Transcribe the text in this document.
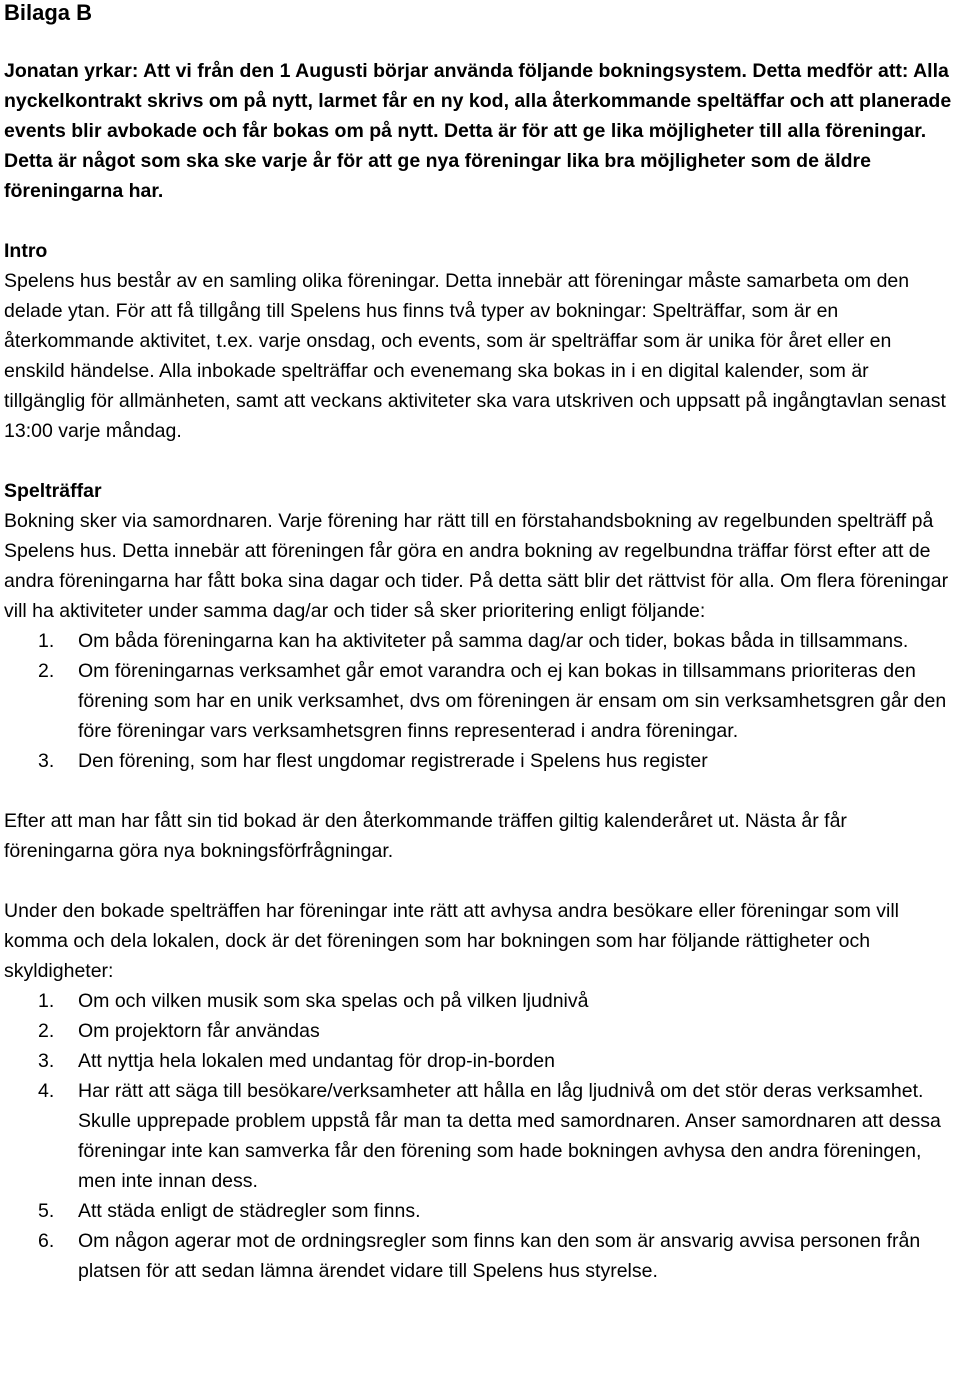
Bilaga B

Jonatan yrkar: Att vi från den 1 Augusti börjar använda följande bokningsystem. Detta medför att: Alla nyckelkontrakt skrivs om på nytt, larmet får en ny kod, alla återkommande speltäffar och att planerade events blir avbokade och får bokas om på nytt. Detta är för att ge lika möjligheter till alla föreningar. Detta är något som ska ske varje år för att ge nya föreningar lika bra möjligheter som de äldre föreningarna har.

Intro

Spelens hus består av en samling olika föreningar. Detta innebär att föreningar måste samarbeta om den delade ytan. För att få tillgång till Spelens hus finns två typer av bokningar: Spelträffar, som är en återkommande aktivitet, t.ex. varje onsdag, och events, som är spelträffar som är unika för året eller en enskild händelse. Alla inbokade spelträffar och evenemang ska bokas in i en digital kalender, som är tillgänglig för allmänheten, samt att veckans aktiviteter ska vara utskriven och uppsatt på ingångtavlan senast 13:00 varje måndag.

Spelträffar

Bokning sker via samordnaren. Varje förening har rätt till en förstahandsbokning av regelbunden spelträff på Spelens hus. Detta innebär att föreningen får göra en andra bokning av regelbundna träffar först efter att de andra föreningarna har fått boka sina dagar och tider. På detta sätt blir det rättvist för alla. Om flera föreningar vill ha aktiviteter under samma dag/ar och tider så sker prioritering enligt följande:

1.	Om båda föreningarna kan ha aktiviteter på samma dag/ar och tider, bokas båda in tillsammans.
2.	Om föreningarnas verksamhet går emot varandra och ej kan bokas in tillsammans prioriteras den förening som har en unik verksamhet, dvs om föreningen är ensam om sin verksamhetsgren går den före föreningar vars verksamhetsgren finns representerad i andra föreningar.
3.	Den förening, som har flest ungdomar registrerade i Spelens hus register

Efter att man har fått sin tid bokad är den återkommande träffen giltig kalenderåret ut. Nästa år får föreningarna göra nya bokningsförfrågningar.

Under den bokade spelträffen har föreningar inte rätt att avhysa andra besökare eller föreningar som vill komma och dela lokalen, dock är det föreningen som har bokningen som har följande rättigheter och skyldigheter:

1.	Om och vilken musik som ska spelas och på vilken ljudnivå
2.	Om projektorn får användas
3.	Att nyttja hela lokalen med undantag för drop-in-borden
4.	Har rätt att säga till besökare/verksamheter att hålla en låg ljudnivå om det stör deras verksamhet. Skulle upprepade problem uppstå får man ta detta med samordnaren. Anser samordnaren att dessa föreningar inte kan samverka får den förening som hade bokningen avhysa den andra föreningen, men inte innan dess.
5.	Att städa enligt de städregler som finns.
6.	Om någon agerar mot de ordningsregler som finns kan den som är ansvarig avvisa personen från platsen för att sedan lämna ärendet vidare till Spelens hus styrelse.
